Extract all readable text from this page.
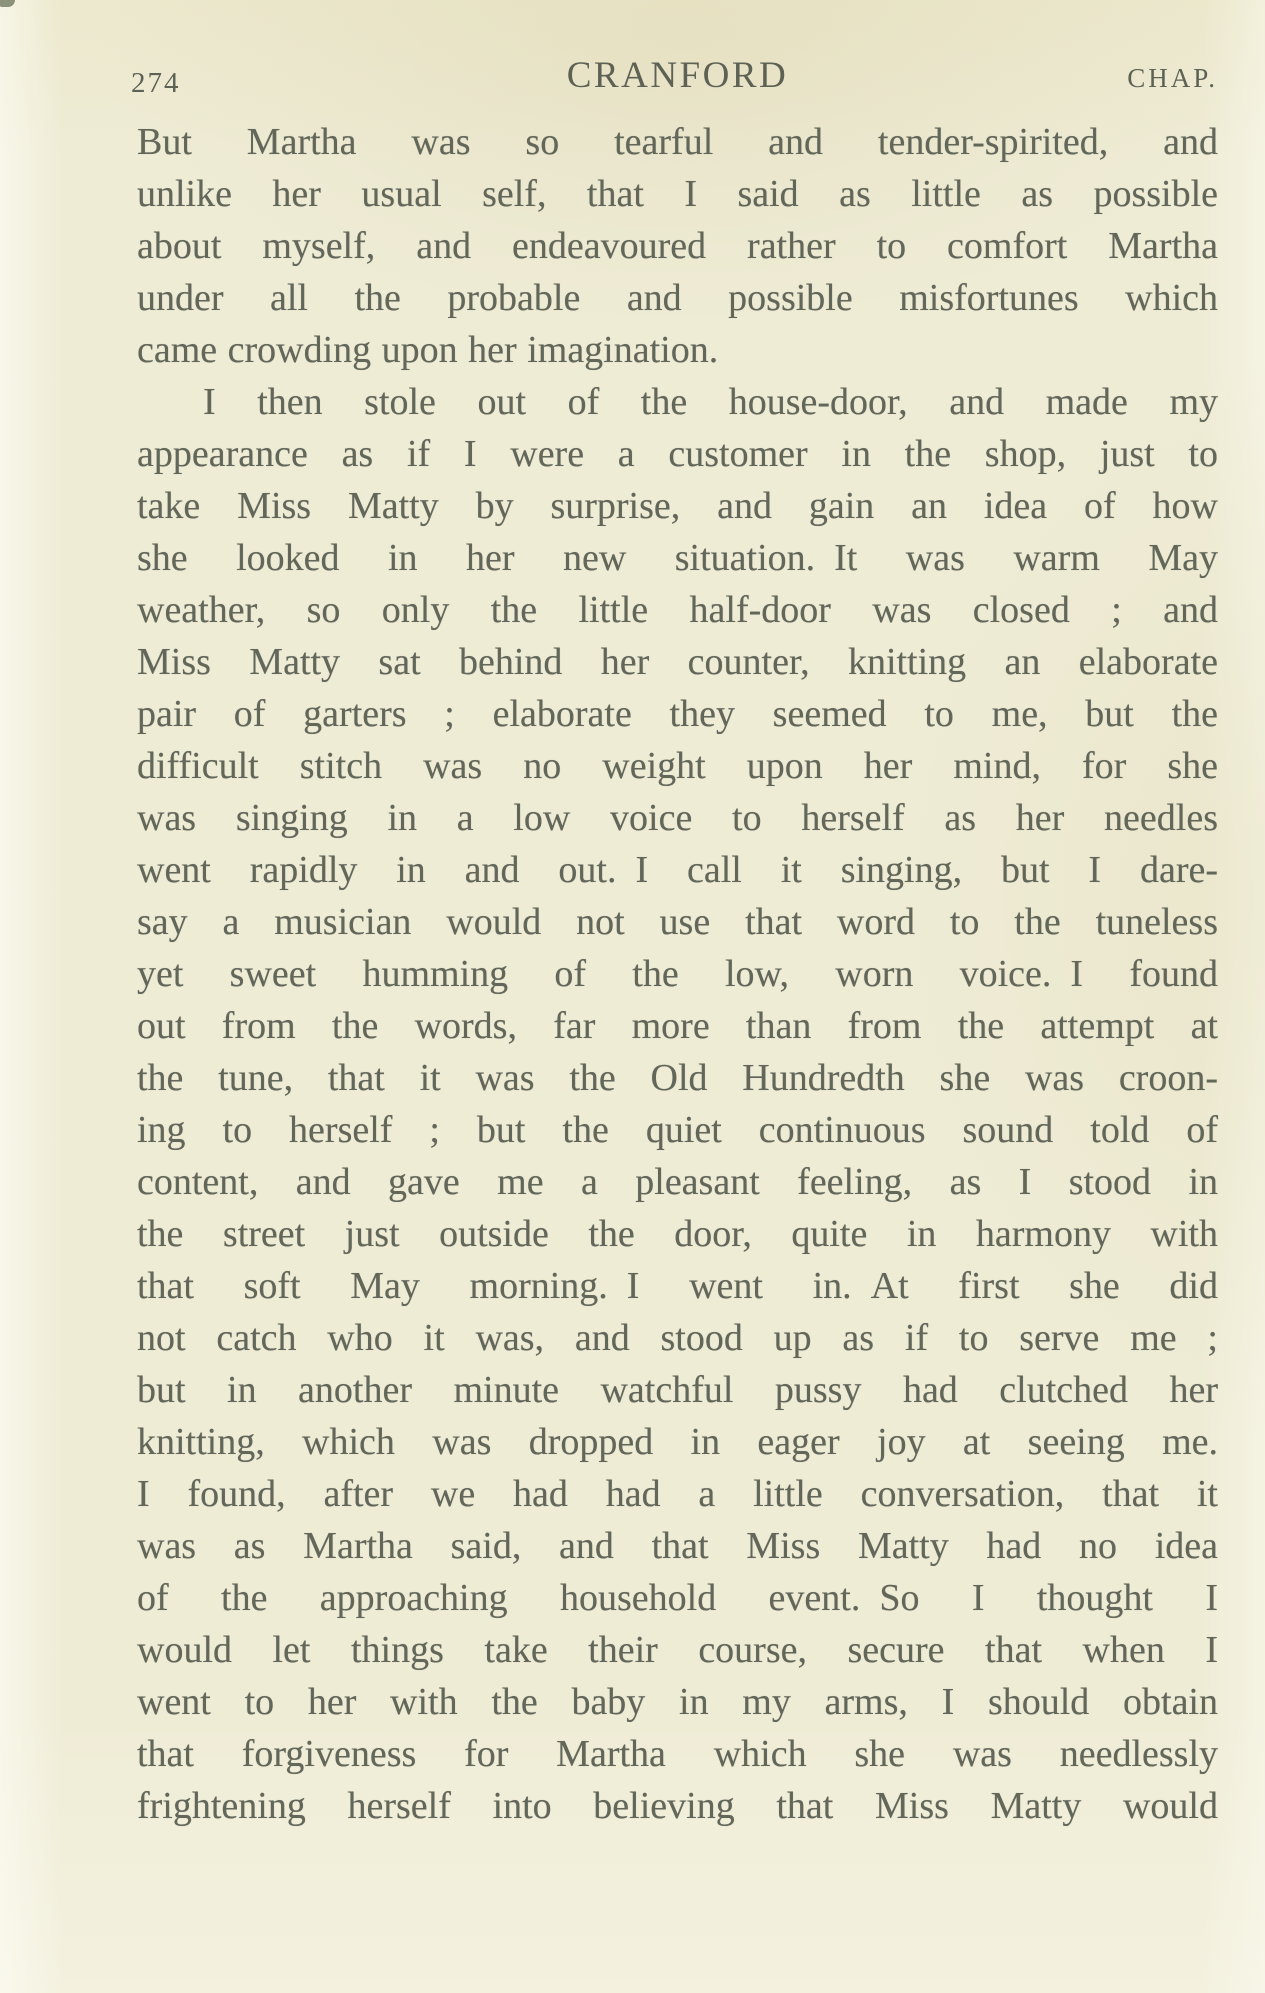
274	CRANFORD	CHAP.
But Martha was so tearful and tender-spirited, and
unlike her usual self, that I said as little as possible
about myself, and endeavoured rather to comfort Martha
under all the probable and possible misfortunes which
came crowding upon her imagination.
I then stole out of the house-door, and made my
appearance as if I were a customer in the shop, just to
take Miss Matty by surprise, and gain an idea of how
she looked in her new situation. It was warm May
weather, so only the little half-door was closed ; and
Miss Matty sat behind her counter, knitting an elaborate
pair of garters ; elaborate they seemed to me, but the
difficult stitch was no weight upon her mind, for she
was singing in a low voice to herself as her needles
went rapidly in and out. I call it singing, but I dare-
say a musician would not use that word to the tuneless
yet sweet humming of the low, worn voice. I found
out from the words, far more than from the attempt at
the tune, that it was the Old Hundredth she was croon-
ing to herself ; but the quiet continuous sound told of
content, and gave me a pleasant feeling, as I stood in
the street just outside the door, quite in harmony with
that soft May morning. I went in. At first she did
not catch who it was, and stood up as if to serve me ;
but in another minute watchful pussy had clutched her
knitting, which was dropped in eager joy at seeing me.
I found, after we had had a little conversation, that it
was as Martha said, and that Miss Matty had no idea
of the approaching household event. So I thought I
would let things take their course, secure that when I
went to her with the baby in my arms, I should obtain
that forgiveness for Martha which she was needlessly
frightening herself into believing that Miss Matty would
